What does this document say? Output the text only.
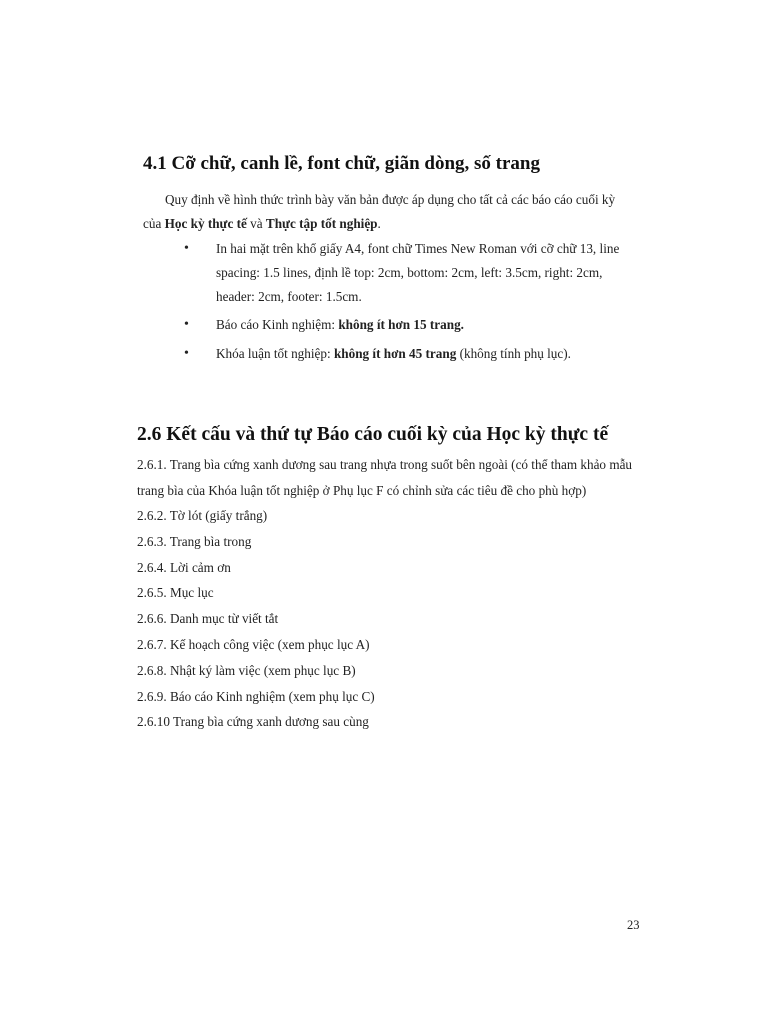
4.1 Cỡ chữ, canh lề, font chữ, giãn dòng, số trang
Quy định về hình thức trình bày văn bản được áp dụng cho tất cả các báo cáo cuối kỳ của Học kỳ thực tế và Thực tập tốt nghiệp.
• In hai mặt trên khổ giấy A4, font chữ Times New Roman với cỡ chữ 13, line spacing: 1.5 lines, định lề top: 2cm, bottom: 2cm, left: 3.5cm, right: 2cm, header: 2cm, footer: 1.5cm.
• Báo cáo Kinh nghiệm: không ít hơn 15 trang.
• Khóa luận tốt nghiệp: không ít hơn 45 trang (không tính phụ lục).
2.6 Kết cấu và thứ tự Báo cáo cuối kỳ của Học kỳ thực tế
2.6.1. Trang bìa cứng xanh dương sau trang nhựa trong suốt bên ngoài (có thể tham khảo mẫu trang bìa của Khóa luận tốt nghiệp ở Phụ lục F có chỉnh sửa các tiêu đề cho phù hợp)
2.6.2. Tờ lót (giấy trắng)
2.6.3. Trang bìa trong
2.6.4. Lời cảm ơn
2.6.5. Mục lục
2.6.6. Danh mục từ viết tắt
2.6.7. Kế hoạch công việc (xem phục lục A)
2.6.8. Nhật ký làm việc (xem phục lục B)
2.6.9. Báo cáo Kinh nghiệm (xem phụ lục C)
2.6.10 Trang bìa cứng xanh dương sau cùng
23
